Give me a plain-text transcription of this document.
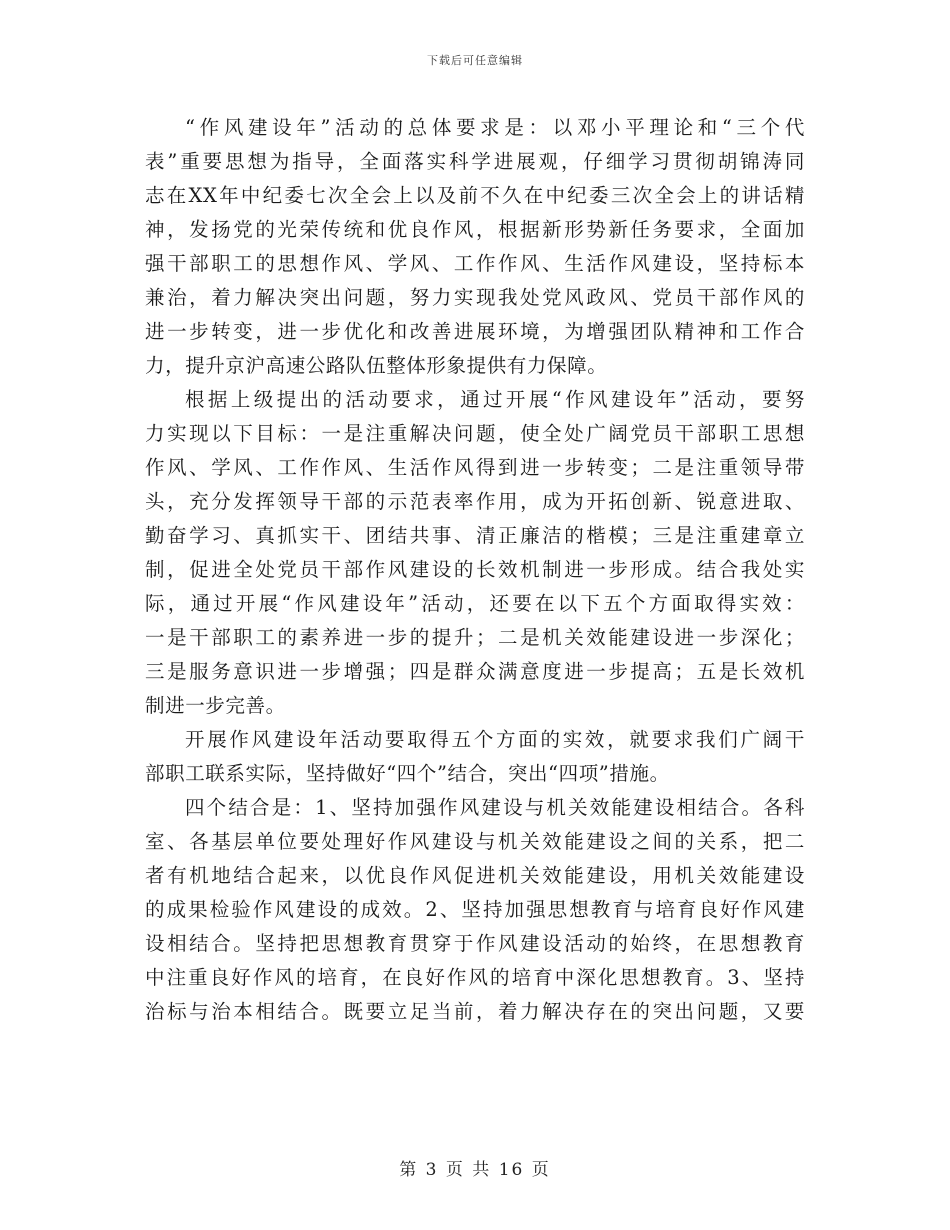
下载后可任意编辑
“作风建设年”活动的总体要求是：以邓小平理论和“三个代
表”重要思想为指导，全面落实科学进展观，仔细学习贯彻胡锦涛同
志在XX年中纪委七次全会上以及前不久在中纪委三次全会上的讲话精
神，发扬党的光荣传统和优良作风，根据新形势新任务要求，全面加
强干部职工的思想作风、学风、工作作风、生活作风建设，坚持标本
兼治，着力解决突出问题，努力实现我处党风政风、党员干部作风的
进一步转变，进一步优化和改善进展环境，为增强团队精神和工作合
力，提升京沪高速公路队伍整体形象提供有力保障。
根据上级提出的活动要求，通过开展“作风建设年”活动，要努
力实现以下目标：一是注重解决问题，使全处广阔党员干部职工思想
作风、学风、工作作风、生活作风得到进一步转变；二是注重领导带
头，充分发挥领导干部的示范表率作用，成为开拓创新、锐意进取、
勤奋学习、真抓实干、团结共事、清正廉洁的楷模；三是注重建章立
制，促进全处党员干部作风建设的长效机制进一步形成。结合我处实
际，通过开展“作风建设年”活动，还要在以下五个方面取得实效：
一是干部职工的素养进一步的提升；二是机关效能建设进一步深化；
三是服务意识进一步增强；四是群众满意度进一步提高；五是长效机
制进一步完善。
开展作风建设年活动要取得五个方面的实效，就要求我们广阔干
部职工联系实际，坚持做好“四个”结合，突出“四项”措施。
四个结合是：1、坚持加强作风建设与机关效能建设相结合。各科
室、各基层单位要处理好作风建设与机关效能建设之间的关系，把二
者有机地结合起来，以优良作风促进机关效能建设，用机关效能建设
的成果检验作风建设的成效。2、坚持加强思想教育与培育良好作风建
设相结合。坚持把思想教育贯穿于作风建设活动的始终，在思想教育
中注重良好作风的培育，在良好作风的培育中深化思想教育。3、坚持
治标与治本相结合。既要立足当前，着力解决存在的突出问题，又要
第 3 页 共 16 页
